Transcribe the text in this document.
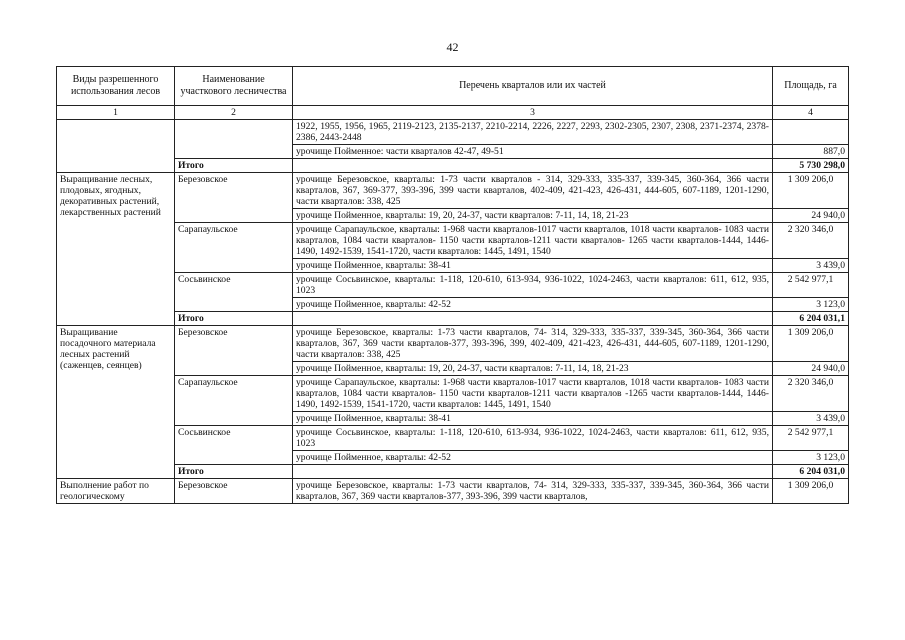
42
Виды разрешенного использования лесов	Наименование участкового лесничества	Перечень кварталов или их частей	Площадь, га
1	2	3	4
		1922, 1955, 1956, 1965, 2119-2123, 2135-2137, 2210-2214, 2226, 2227, 2293, 2302-2305, 2307, 2308, 2371-2374, 2378-2386, 2443-2448	
		урочище Пойменное: части кварталов 42-47, 49-51	887,0
	Итого		5 730 298,0
Выращивание лесных, плодовых, ягодных, декоративных растений, лекарственных растений	Березовское	урочище Березовское, кварталы: 1-73 части кварталов - 314, 329-333, 335-337, 339-345, 360-364, 366 части кварталов, 367, 369-377, 393-396, 399 части кварталов, 402-409, 421-423, 426-431, 444-605, 607-1189, 1201-1290, части кварталов: 338, 425	1 309 206,0
		урочище Пойменное, кварталы: 19, 20, 24-37, части кварталов: 7-11, 14, 18, 21-23	24 940,0
	Сарапаульское	урочище Сарапаульское, кварталы: 1-968 части кварталов-1017 части кварталов, 1018 части кварталов- 1083 части кварталов, 1084 части кварталов- 1150 части кварталов-1211 части кварталов- 1265 части кварталов-1444, 1446-1490, 1492-1539, 1541-1720, части кварталов: 1445, 1491, 1540	2 320 346,0
		урочище Пойменное, кварталы: 38-41	3 439,0
	Сосьвинское	урочище Сосьвинское, кварталы: 1-118, 120-610, 613-934, 936-1022, 1024-2463, части кварталов: 611, 612, 935, 1023	2 542 977,1
		урочище Пойменное, кварталы: 42-52	3 123,0
	Итого		6 204 031,1
Выращивание посадочного материала лесных растений (саженцев, сеянцев)	Березовское	урочище Березовское, кварталы: 1-73 части кварталов, 74- 314, 329-333, 335-337, 339-345, 360-364, 366 части кварталов, 367, 369 части кварталов-377, 393-396, 399, 402-409, 421-423, 426-431, 444-605, 607-1189, 1201-1290, части кварталов: 338, 425	1 309 206,0
		урочище Пойменное, кварталы: 19, 20, 24-37, части кварталов: 7-11, 14, 18, 21-23	24 940,0
	Сарапаульское	урочище Сарапаульское, кварталы: 1-968 части кварталов-1017 части кварталов, 1018 части кварталов- 1083 части кварталов, 1084 части кварталов- 1150 части кварталов-1211 части кварталов -1265 части кварталов-1444, 1446-1490, 1492-1539, 1541-1720, части кварталов: 1445, 1491, 1540	2 320 346,0
		урочище Пойменное, кварталы: 38-41	3 439,0
	Сосьвинское	урочище Сосьвинское, кварталы: 1-118, 120-610, 613-934, 936-1022, 1024-2463, части кварталов: 611, 612, 935, 1023	2 542 977,1
		урочище Пойменное, кварталы: 42-52	3 123,0
	Итого		6 204 031,0
Выполнение работ по геологическому	Березовское	урочище Березовское, кварталы: 1-73 части кварталов, 74- 314, 329-333, 335-337, 339-345, 360-364, 366 части кварталов, 367, 369 части кварталов-377, 393-396, 399 части кварталов,	1 309 206,0
